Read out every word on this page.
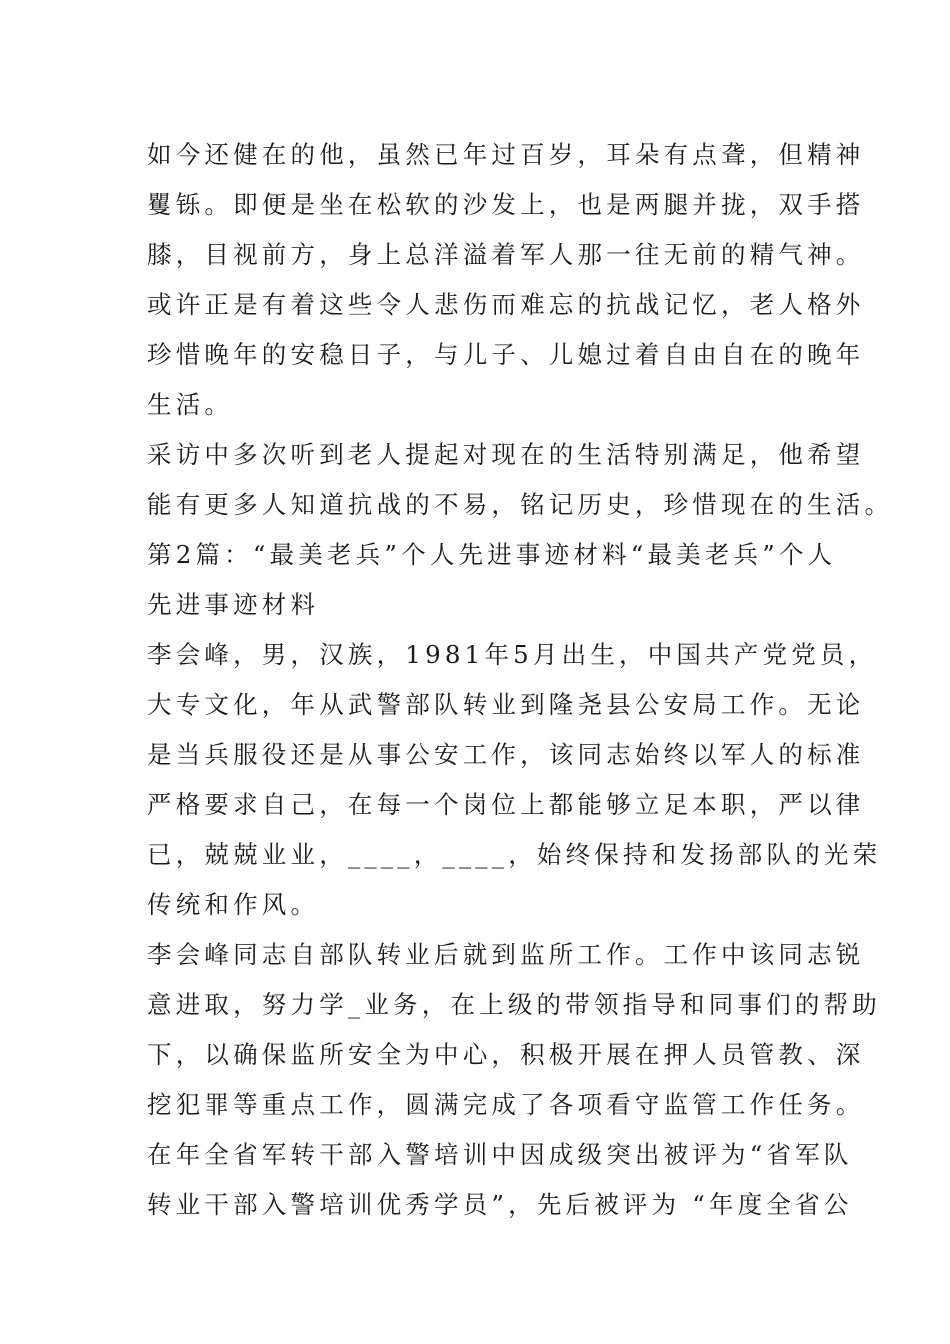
如今还健在的他，虽然已年过百岁，耳朵有点聋，但精神
矍铄。即便是坐在松软的沙发上，也是两腿并拢，双手搭
膝，目视前方，身上总洋溢着军人那一往无前的精气神。
或许正是有着这些令人悲伤而难忘的抗战记忆，老人格外
珍惜晚年的安稳日子，与儿子、儿媳过着自由自在的晚年
生活。
采访中多次听到老人提起对现在的生活特别满足，他希望
能有更多人知道抗战的不易，铭记历史，珍惜现在的生活。
第2篇：“最美老兵”个人先进事迹材料“最美老兵”个人
先进事迹材料
李会峰，男，汉族，1981年5月出生，中国共产党党员，
大专文化，年从武警部队转业到隆尧县公安局工作。无论
是当兵服役还是从事公安工作，该同志始终以军人的标准
严格要求自己，在每一个岗位上都能够立足本职，严以律
已，兢兢业业，____，____，始终保持和发扬部队的光荣
传统和作风。
李会峰同志自部队转业后就到监所工作。工作中该同志锐
意进取，努力学_业务，在上级的带领指导和同事们的帮助
下，以确保监所安全为中心，积极开展在押人员管教、深
挖犯罪等重点工作，圆满完成了各项看守监管工作任务。
在年全省军转干部入警培训中因成级突出被评为“省军队
转业干部入警培训优秀学员”，先后被评为 “年度全省公
